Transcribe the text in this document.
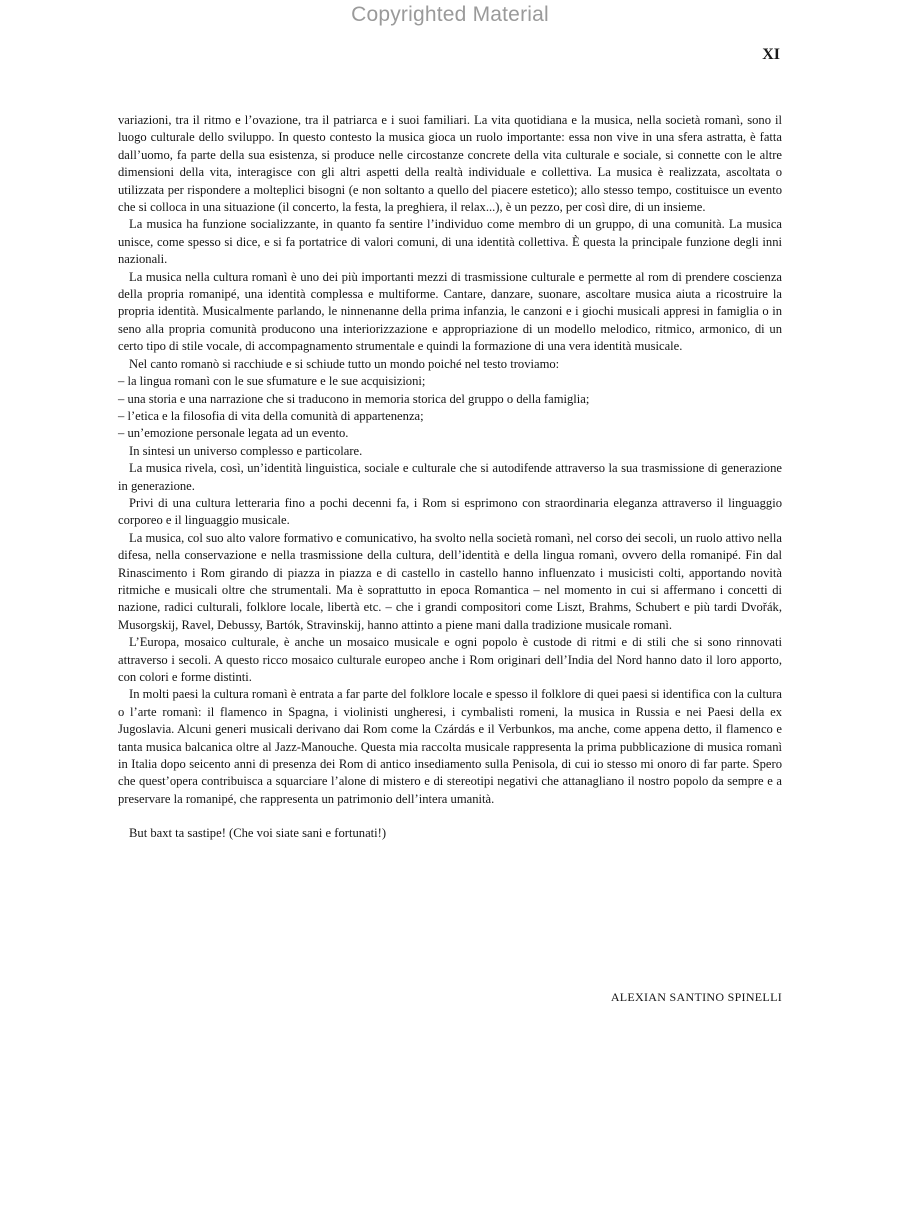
Copyrighted Material
XI

variazioni, tra il ritmo e l’ovazione, tra il patriarca e i suoi familiari. La vita quotidiana e la musica, nella società romanì, sono il luogo culturale dello sviluppo. In questo contesto la musica gioca un ruolo importante: essa non vive in una sfera astratta, è fatta dall’uomo, fa parte della sua esistenza, si produce nelle circostanze concrete della vita culturale e sociale, si connette con le altre dimensioni della vita, interagisce con gli altri aspetti della realtà individuale e collettiva. La musica è realizzata, ascoltata o utilizzata per rispondere a molteplici bisogni (e non soltanto a quello del piacere estetico); allo stesso tempo, costituisce un evento che si colloca in una situazione (il concerto, la festa, la preghiera, il relax...), è un pezzo, per così dire, di un insieme.

La musica ha funzione socializzante, in quanto fa sentire l’individuo come membro di un gruppo, di una comunità. La musica unisce, come spesso si dice, e si fa portatrice di valori comuni, di una identità collettiva. È questa la principale funzione degli inni nazionali.

La musica nella cultura romanì è uno dei più importanti mezzi di trasmissione culturale e permette al rom di prendere coscienza della propria romanipé, una identità complessa e multiforme. Cantare, danzare, suonare, ascoltare musica aiuta a ricostruire la propria identità. Musicalmente parlando, le ninnenanne della prima infanzia, le canzoni e i giochi musicali appresi in famiglia o in seno alla propria comunità producono una interiorizzazione e appropriazione di un modello melodico, ritmico, armonico, di un certo tipo di stile vocale, di accompagnamento strumentale e quindi la formazione di una vera identità musicale.

Nel canto romanò si racchiude e si schiude tutto un mondo poiché nel testo troviamo:

– la lingua romanì con le sue sfumature e le sue acquisizioni;

– una storia e una narrazione che si traducono in memoria storica del gruppo o della famiglia;

– l’etica e la filosofia di vita della comunità di appartenenza;

– un’emozione personale legata ad un evento.

In sintesi un universo complesso e particolare.

La musica rivela, così, un’identità linguistica, sociale e culturale che si autodifende attraverso la sua trasmissione di generazione in generazione.

Privi di una cultura letteraria fino a pochi decenni fa, i Rom si esprimono con straordinaria eleganza attraverso il linguaggio corporeo e il linguaggio musicale.

La musica, col suo alto valore formativo e comunicativo, ha svolto nella società romanì, nel corso dei secoli, un ruolo attivo nella difesa, nella conservazione e nella trasmissione della cultura, dell’identità e della lingua romanì, ovvero della romanipé. Fin dal Rinascimento i Rom girando di piazza in piazza e di castello in castello hanno influenzato i musicisti colti, apportando novità ritmiche e musicali oltre che strumentali. Ma è soprattutto in epoca Romantica – nel momento in cui si affermano i concetti di nazione, radici culturali, folklore locale, libertà etc. – che i grandi compositori come Liszt, Brahms, Schubert e più tardi Dvořák, Musorgskij, Ravel, Debussy, Bartók, Stravinskij, hanno attinto a piene mani dalla tradizione musicale romanì.

L’Europa, mosaico culturale, è anche un mosaico musicale e ogni popolo è custode di ritmi e di stili che si sono rinnovati attraverso i secoli. A questo ricco mosaico culturale europeo anche i Rom originari dell’India del Nord hanno dato il loro apporto, con colori e forme distinti.

In molti paesi la cultura romanì è entrata a far parte del folklore locale e spesso il folklore di quei paesi si identifica con la cultura o l’arte romanì: il flamenco in Spagna, i violinisti ungheresi, i cymbalisti romeni, la musica in Russia e nei Paesi della ex Jugoslavia. Alcuni generi musicali derivano dai Rom come la Czárdás e il Verbunkos, ma anche, come appena detto, il flamenco e tanta musica balcanica oltre al Jazz-Manouche. Questa mia raccolta musicale rappresenta la prima pubblicazione di musica romanì in Italia dopo seicento anni di presenza dei Rom di antico insediamento sulla Penisola, di cui io stesso mi onoro di far parte. Spero che quest’opera contribuisca a squarciare l’alone di mistero e di stereotipi negativi che attanagliano il nostro popolo da sempre e a preservare la romanipé, che rappresenta un patrimonio dell’intera umanità.

But baxt ta sastipe! (Che voi siate sani e fortunati!)

ALEXIAN SANTINO SPINELLI
